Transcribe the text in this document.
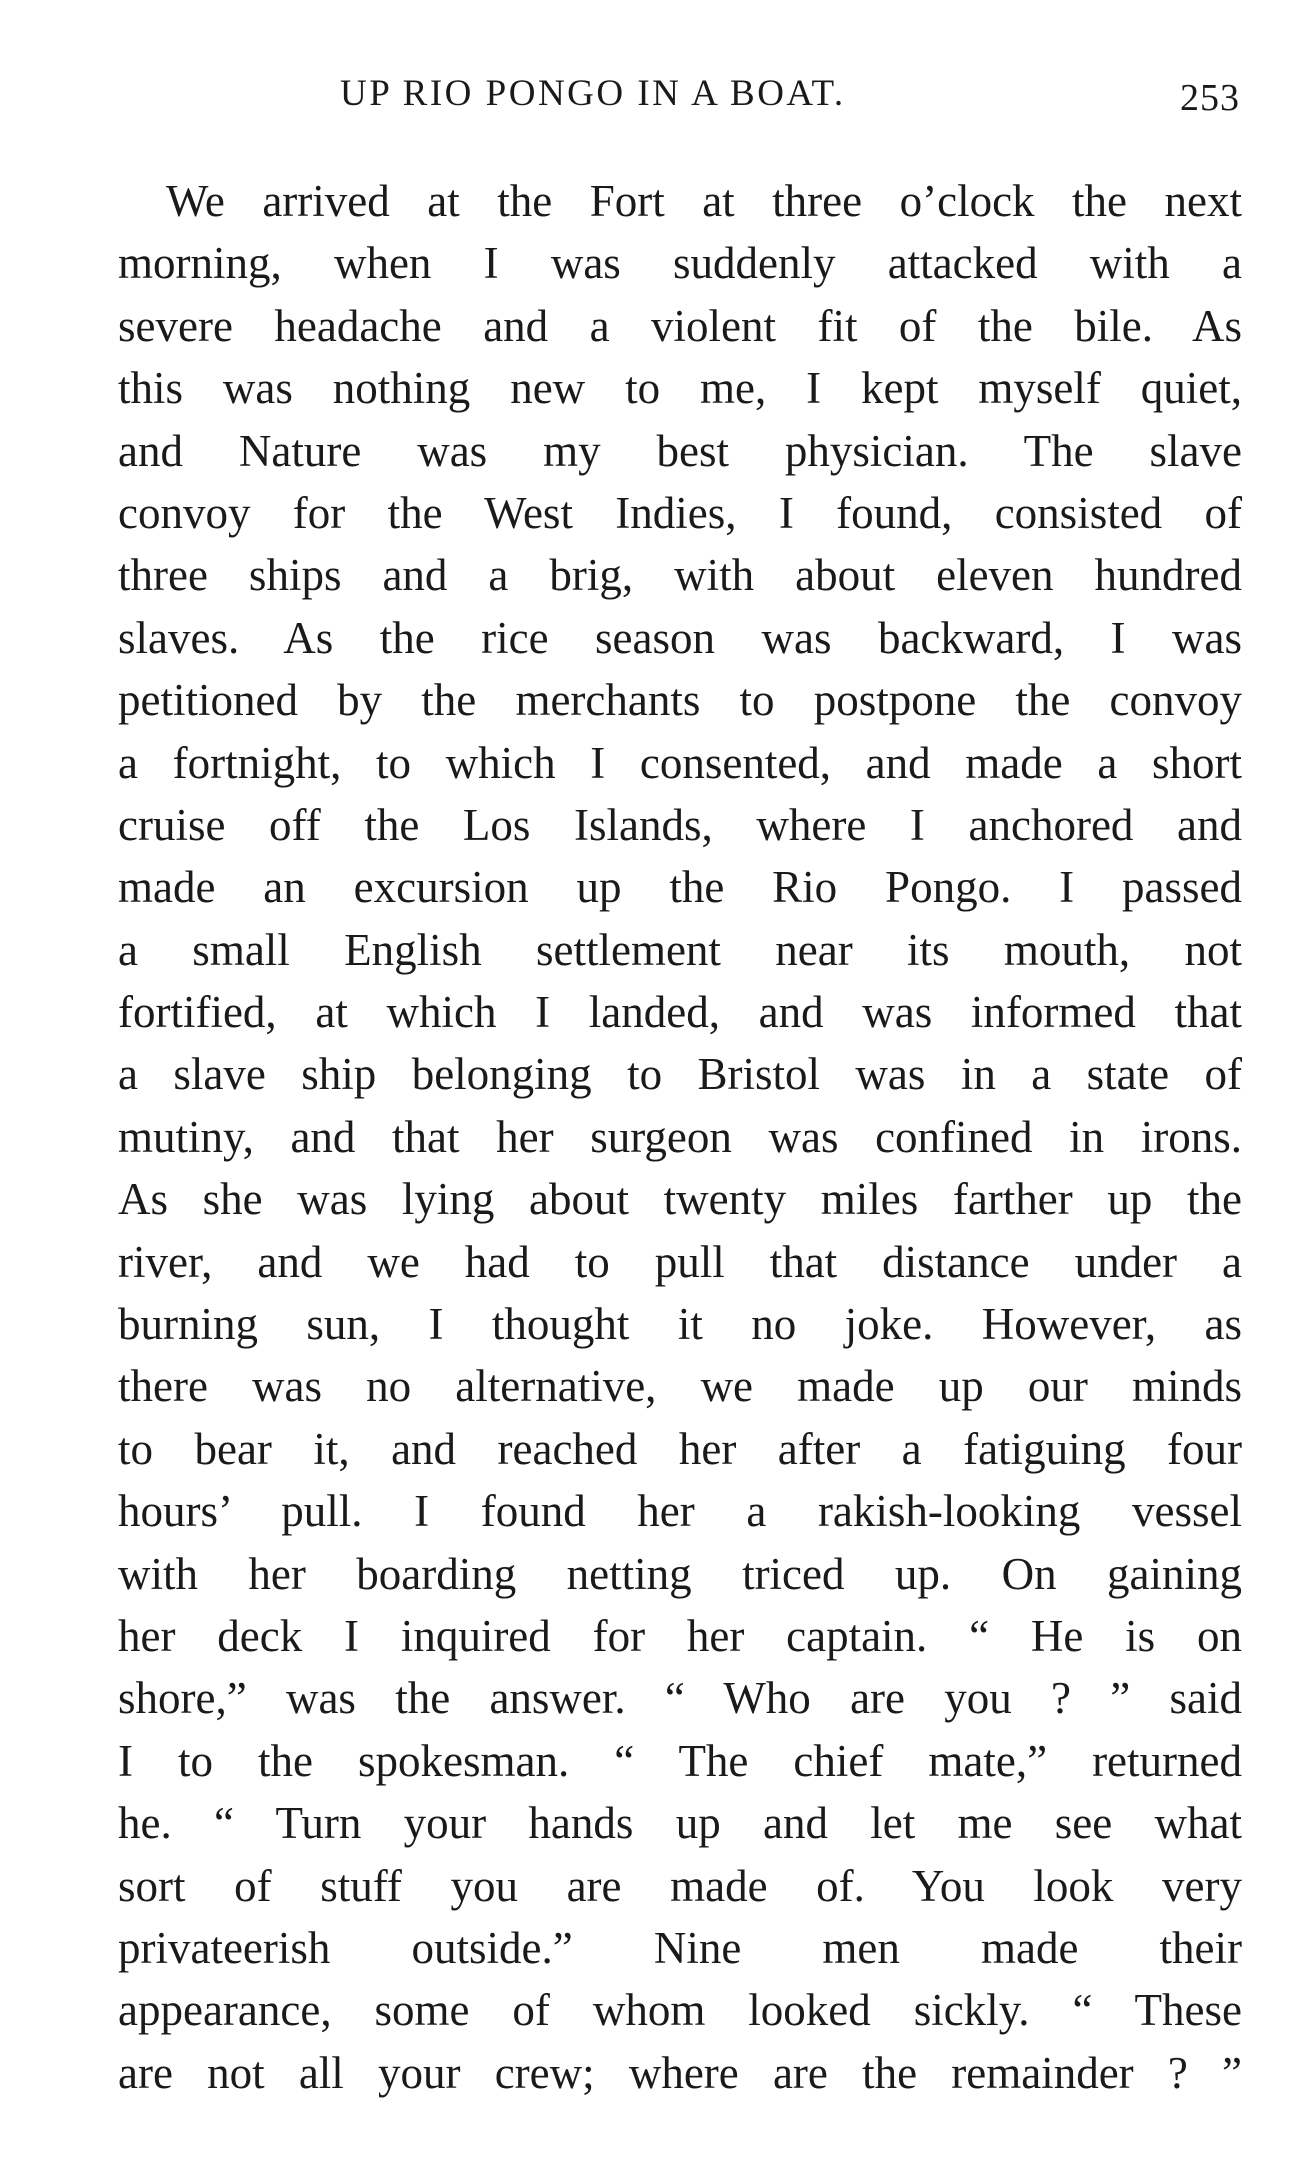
UP RIO PONGO IN A BOAT.	253
We arrived at the Fort at three o’clock the next
morning, when I was suddenly attacked with a
severe headache and a violent fit of the bile. As
this was nothing new to me, I kept myself quiet,
and Nature was my best physician. The slave
convoy for the West Indies, I found, consisted of
three ships and a brig, with about eleven hundred
slaves. As the rice season was backward, I was
petitioned by the merchants to postpone the convoy
a fortnight, to which I consented, and made a short
cruise off the Los Islands, where I anchored and
made an excursion up the Rio Pongo. I passed
a small English settlement near its mouth, not
fortified, at which I landed, and was informed that
a slave ship belonging to Bristol was in a state of
mutiny, and that her surgeon was confined in irons.
As she was lying about twenty miles farther up the
river, and we had to pull that distance under a
burning sun, I thought it no joke. However, as
there was no alternative, we made up our minds
to bear it, and reached her after a fatiguing four
hours’ pull. I found her a rakish-looking vessel
with her boarding netting triced up. On gaining
her deck I inquired for her captain. “ He is on
shore,” was the answer. “ Who are you ? ” said
I to the spokesman. “ The chief mate,” returned
he. “ Turn your hands up and let me see what
sort of stuff you are made of. You look very
privateerish outside.” Nine men made their
appearance, some of whom looked sickly. “ These
are not all your crew; where are the remainder ? ”
